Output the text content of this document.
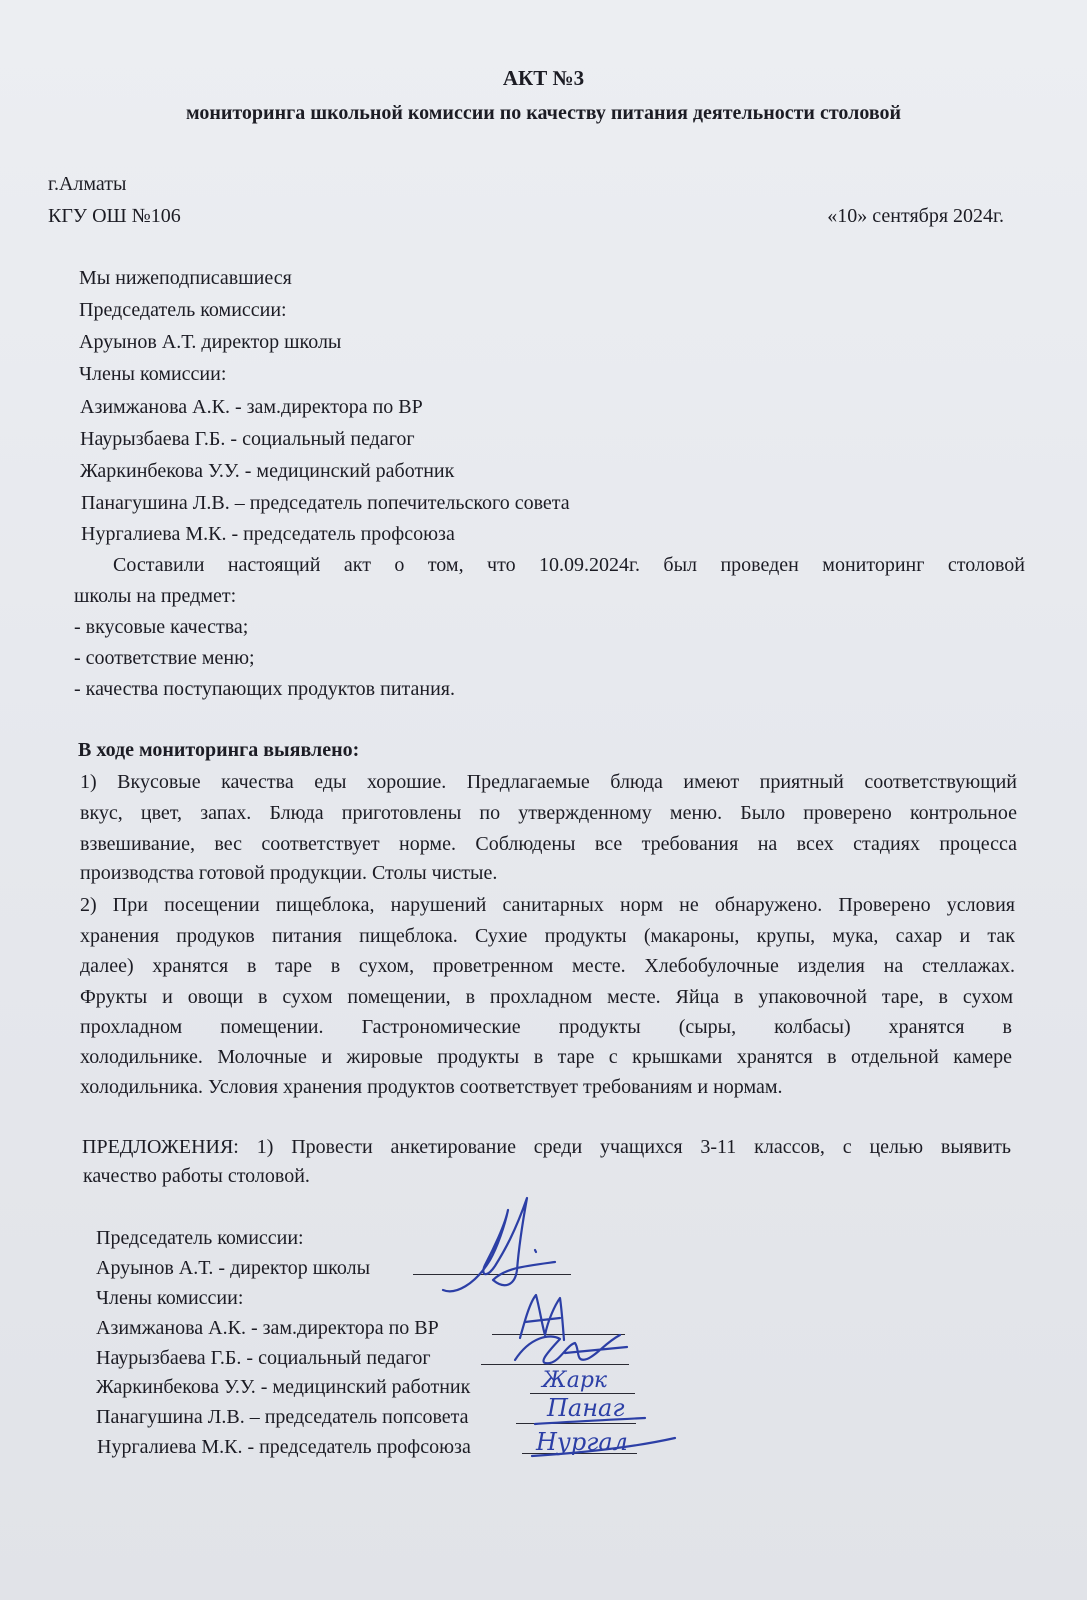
АКТ №3
мониторинга школьной комиссии по качеству питания деятельности столовой
г.Алматы
КГУ ОШ №106	«10» сентября 2024г.
Мы нижеподписавшиеся
Председатель комиссии:
Аруынов А.Т. директор школы
Члены комиссии:
Азимжанова А.К. - зам.директора по ВР
Наурызбаева Г.Б. - социальный педагог
Жаркинбекова У.У. - медицинский работник
Панагушина Л.В. – председатель попечительского совета
Нургалиева М.К. - председатель профсоюза
Составили настоящий акт о том, что 10.09.2024г. был проведен мониторинг столовой
школы на предмет:
- вкусовые качества;
- соответствие меню;
- качества поступающих продуктов питания.
В ходе мониторинга выявлено:
1) Вкусовые качества еды хорошие. Предлагаемые блюда имеют приятный соответствующий
вкус, цвет, запах. Блюда приготовлены по утвержденному меню. Было проверено контрольное
взвешивание, вес соответствует норме. Соблюдены все требования на всех стадиях процесса
производства готовой продукции. Столы чистые.
2) При посещении пищеблока, нарушений санитарных норм не обнаружено. Проверено условия
хранения продуков питания пищеблока. Сухие продукты (макароны, крупы, мука, сахар и так
далее) хранятся в таре в сухом, проветренном месте. Хлебобулочные изделия на стеллажах.
Фрукты и овощи в сухом помещении, в прохладном месте. Яйца в упаковочной таре, в сухом
прохладном помещении. Гастрономические продукты (сыры, колбасы) хранятся в
холодильнике. Молочные и жировые продукты в таре с крышками хранятся в отдельной камере
холодильника. Условия хранения продуктов соответствует требованиям и нормам.
ПРЕДЛОЖЕНИЯ: 1) Провести анкетирование среди учащихся 3-11 классов, с целью выявить
качество работы столовой.
Председатель комиссии:
Аруынов А.Т. - директор школы
Члены комиссии:
Азимжанова А.К. - зам.директора по ВР
Наурызбаева Г.Б. - социальный педагог
Жаркинбекова У.У. - медицинский работник
Панагушина Л.В. – председатель попсовета
Нургалиева М.К. - председатель профсоюза
Жарк
Панаг
Нургал
